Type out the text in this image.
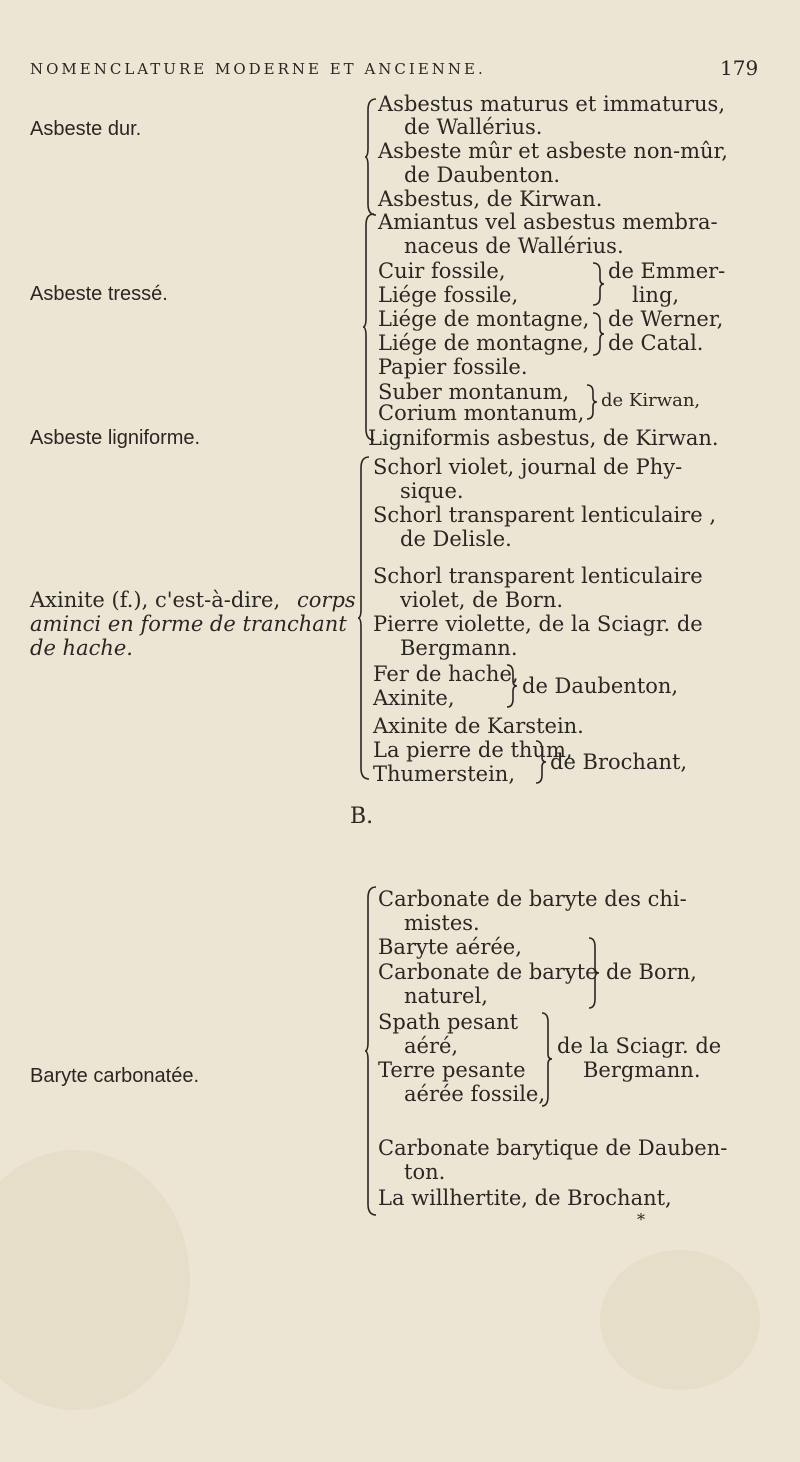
NOMENCLATURE MODERNE ET ANCIENNE.	179
Asbeste dur.
Asbestus maturus et immaturus,
de Wallérius.
Asbeste mûr et asbeste non-mûr,
de Daubenton.
Asbestus, de Kirwan.
Asbeste tressé.
Amiantus vel asbestus membra-
naceus de Wallérius.
Cuir fossile,
Liége fossile,
Liége de montagne,
Liége de montagne,
Papier fossile.
Suber montanum,
Corium montanum,
de Emmer-
ling,
de Werner,
de Catal.
de Kirwan,
Asbeste ligniforme.	Ligniformis asbestus, de Kirwan.
Axinite (f.), c'est-à-dire, corps
aminci en forme de tranchant
de hache.
Schorl violet, journal de Phy-
sique.
Schorl transparent lenticulaire ,
de Delisle.
Schorl transparent lenticulaire
violet, de Born.
Pierre violette, de la Sciagr. de
Bergmann.
Fer de hache,
Axinite,
Axinite de Karstein.
La pierre de thum,
Thumerstein,
de Daubenton,
de Brochant,
B.
Baryte carbonatée.
Carbonate de baryte des chi-
mistes.
Baryte aérée,
Carbonate de baryte
naturel,
Spath pesant
aéré,
Terre pesante
aérée fossile,
Carbonate barytique de Dauben-
ton.
La willhertite, de Brochant,
de Born,
de la Sciagr. de
Bergmann.
*
